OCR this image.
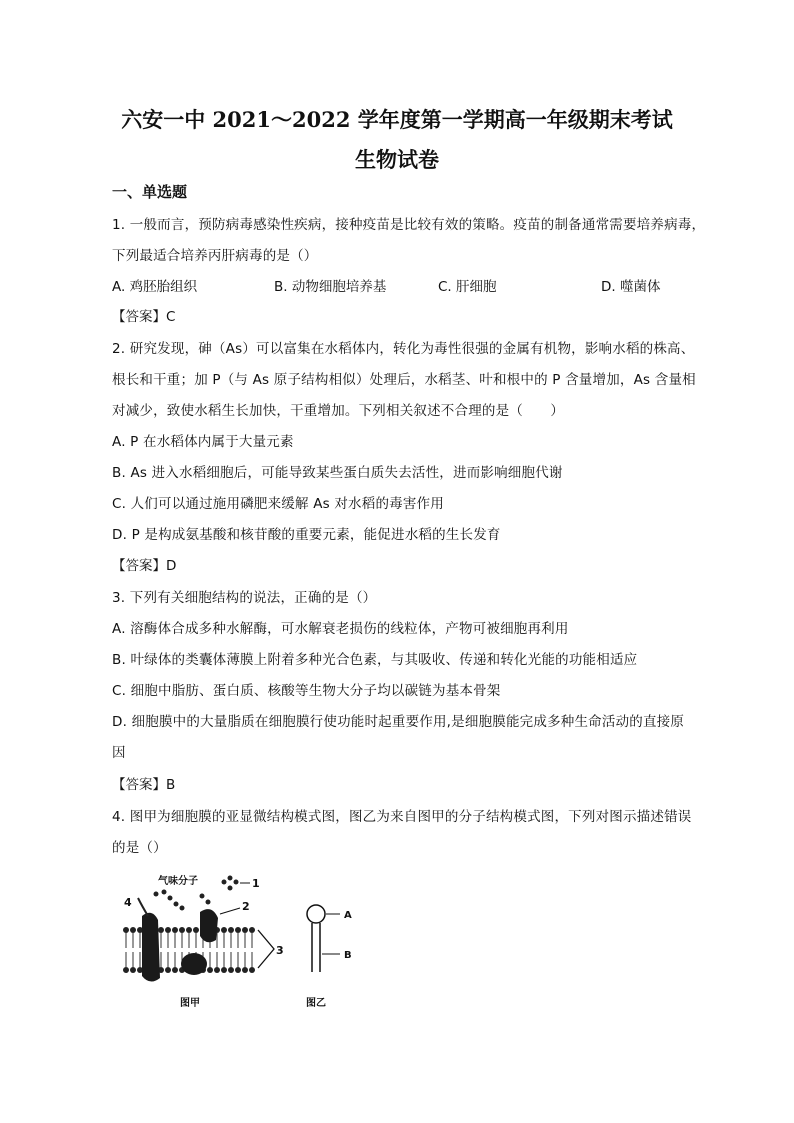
六安一中 2021～2022 学年度第一学期高一年级期末考试
生物试卷
一、单选题
1. 一般而言，预防病毒感染性疾病，接种疫苗是比较有效的策略。疫苗的制备通常需要培养病毒，
下列最适合培养丙肝病毒的是（）
A. 鸡胚胎组织	B. 动物细胞培养基	C. 肝细胞	D. 噬菌体
【答案】C
2. 研究发现，砷（As）可以富集在水稻体内，转化为毒性很强的金属有机物，影响水稻的株高、
根长和干重；加 P（与 As 原子结构相似）处理后，水稻茎、叶和根中的 P 含量增加，As 含量相
对减少，致使水稻生长加快，干重增加。下列相关叙述不合理的是（　　）
A. P 在水稻体内属于大量元素
B. As 进入水稻细胞后，可能导致某些蛋白质失去活性，进而影响细胞代谢
C. 人们可以通过施用磷肥来缓解 As 对水稻的毒害作用
D. P 是构成氨基酸和核苷酸的重要元素，能促进水稻的生长发育
【答案】D
3. 下列有关细胞结构的说法，正确的是（）
A. 溶酶体合成多种水解酶，可水解衰老损伤的线粒体，产物可被细胞再利用
B. 叶绿体的类囊体薄膜上附着多种光合色素，与其吸收、传递和转化光能的功能相适应
C. 细胞中脂肪、蛋白质、核酸等生物大分子均以碳链为基本骨架
D. 细胞膜中的大量脂质在细胞膜行使功能时起重要作用,是细胞膜能完成多种生命活动的直接原
因
【答案】B
4. 图甲为细胞膜的亚显微结构模式图，图乙为来自图甲的分子结构模式图，下列对图示描述错误
的是（）
气味分子	1
4	2
3
图甲
A
B
图乙
